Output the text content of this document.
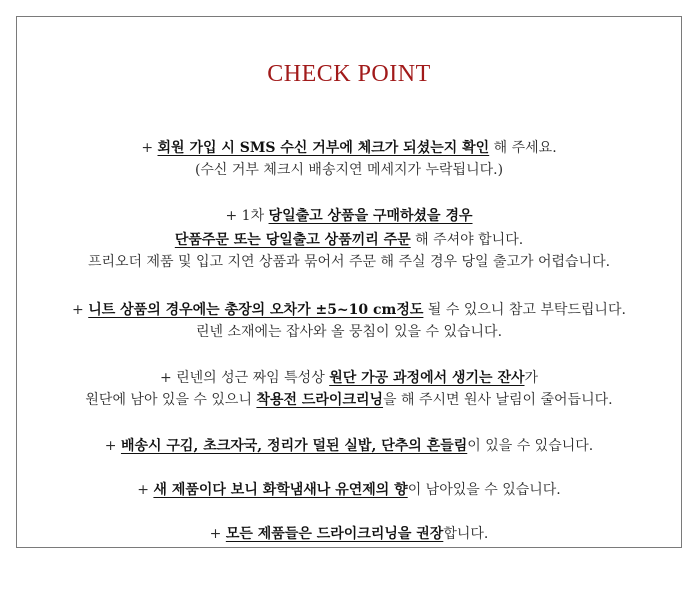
CHECK POINT
+ 회원 가입 시 SMS 수신 거부에 체크가 되셨는지 확인 해 주세요.
(수신 거부 체크시 배송지연 메세지가 누락됩니다.)
+ 1차 당일출고 상품을 구매하셨을 경우
단품주문 또는 당일출고 상품끼리 주문 해 주셔야 합니다.
프리오더 제품 및 입고 지연 상품과 묶어서 주문 해 주실 경우 당일 출고가 어렵습니다.
+ 니트 상품의 경우에는 총장의 오차가 ±5~10 cm정도 될 수 있으니 참고 부탁드립니다.
린넨 소재에는 잡사와 올 뭉침이 있을 수 있습니다.
+ 린넨의 성근 짜임 특성상 원단 가공 과정에서 생기는 잔사가
원단에 남아 있을 수 있으니 착용전 드라이크리닝을 해 주시면 원사 날림이 줄어듭니다.
+ 배송시 구김, 초크자국, 정리가 덜된 실밥, 단추의 흔들림이 있을 수 있습니다.
+ 새 제품이다 보니 화학냄새나 유연제의 향이 남아있을 수 있습니다.
+ 모든 제품들은 드라이크리닝을 권장합니다.
